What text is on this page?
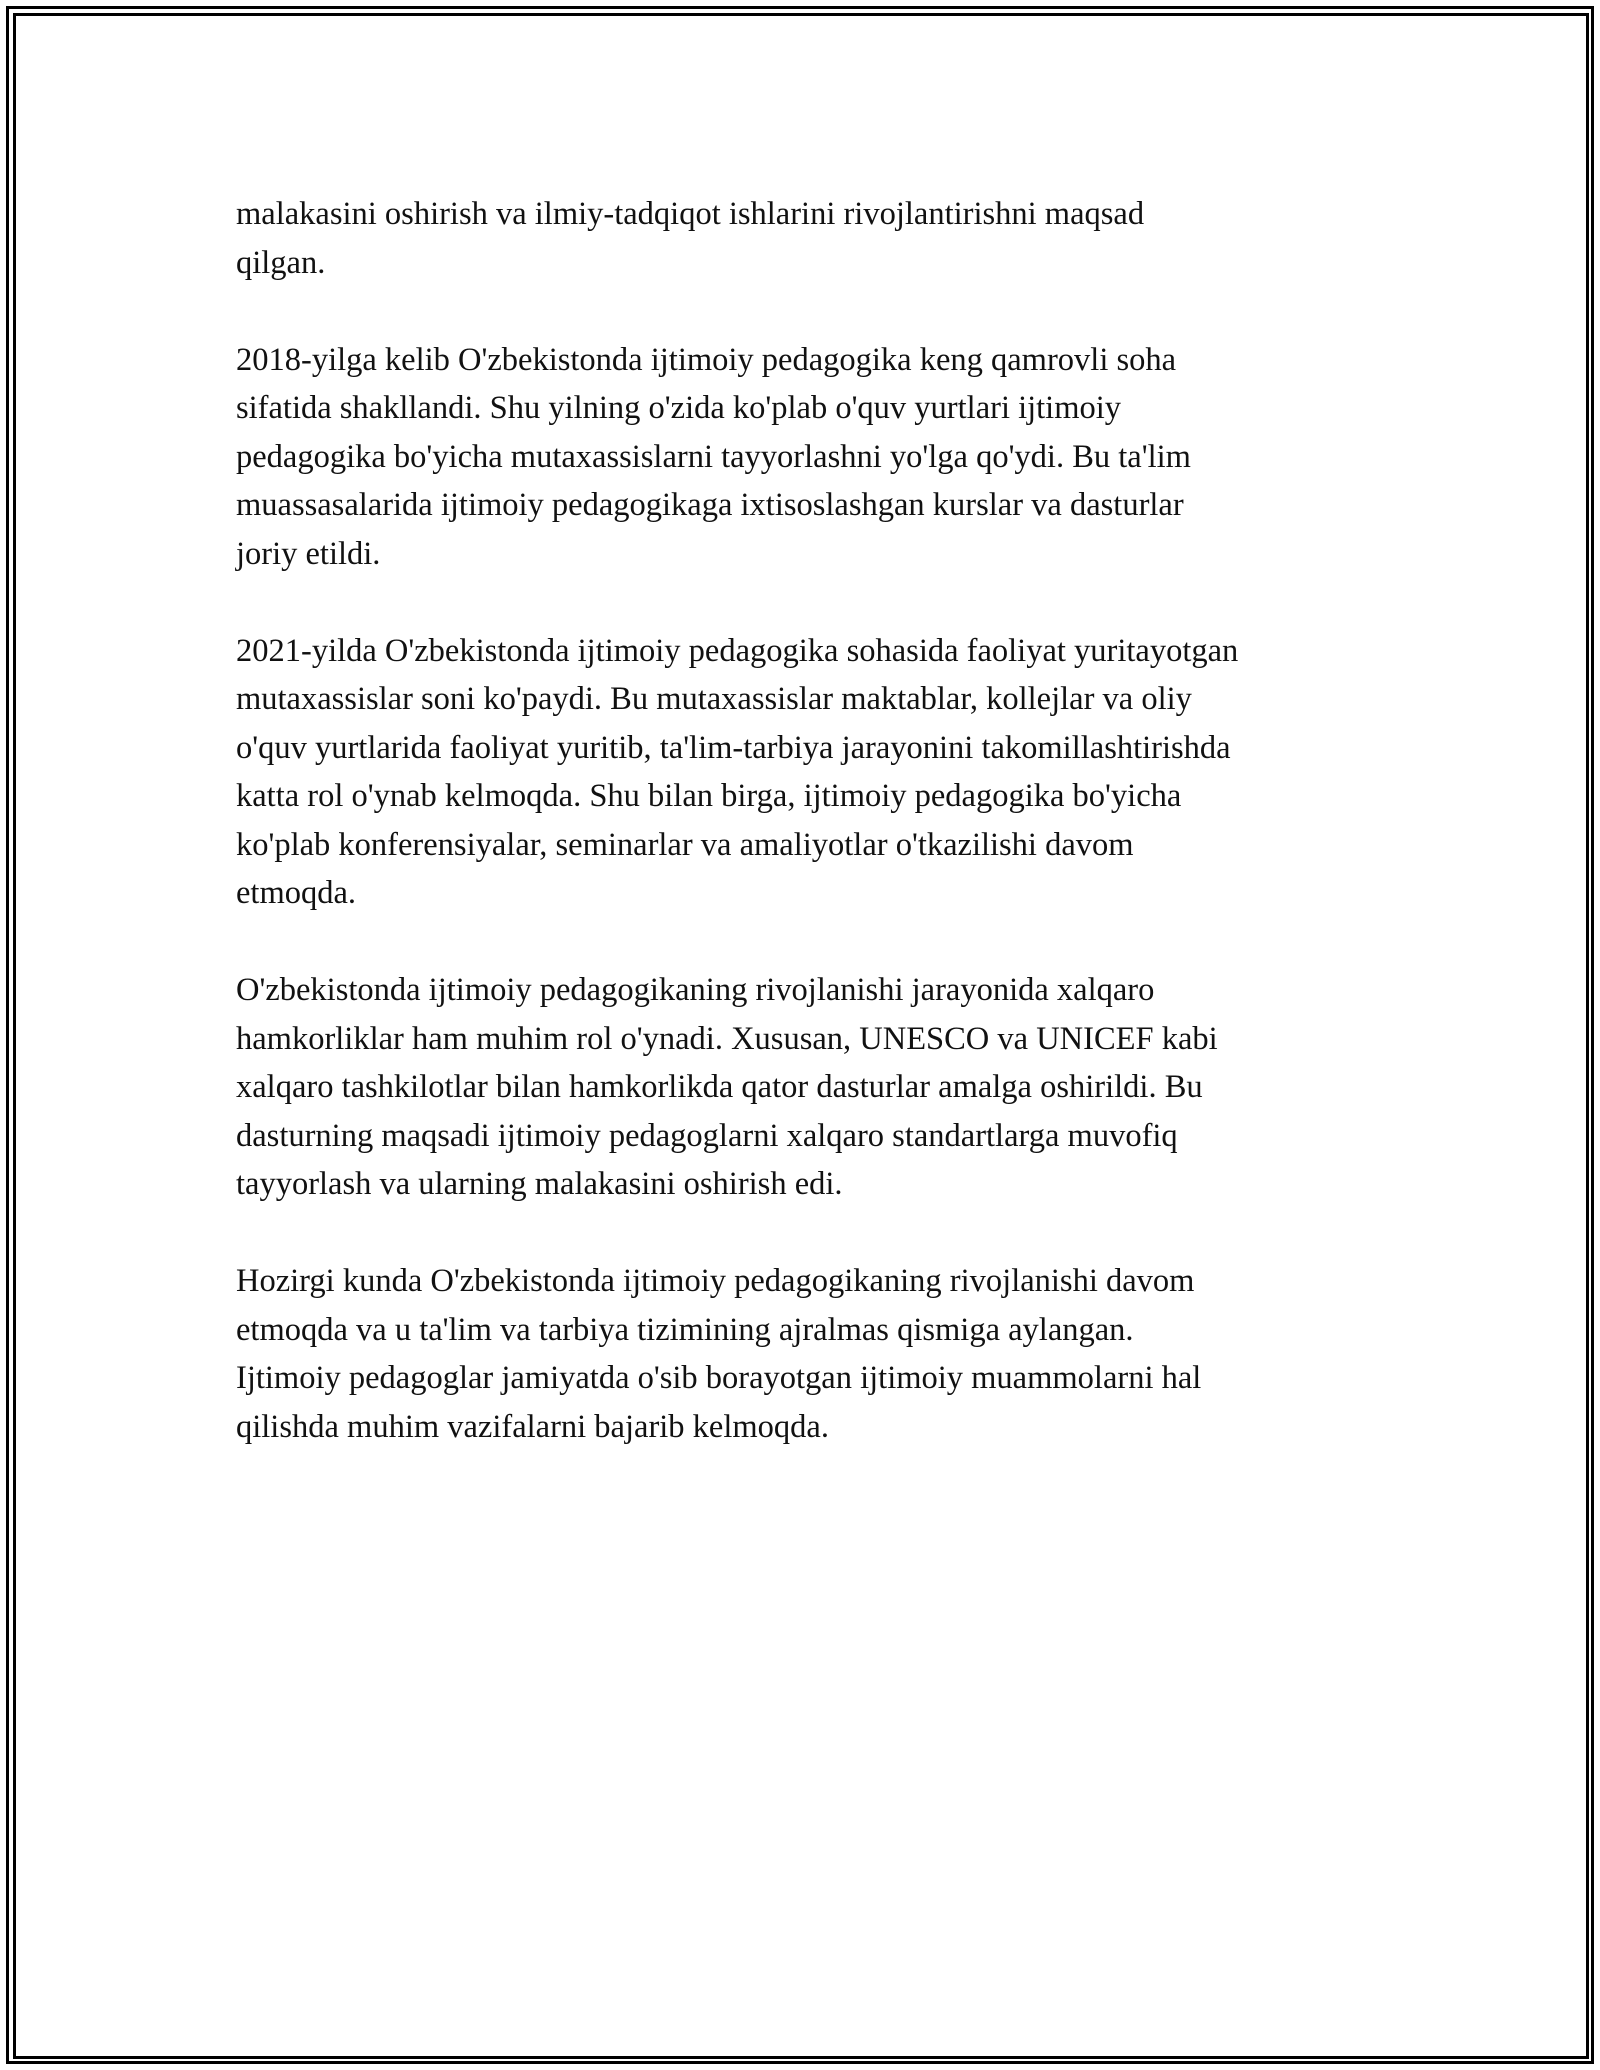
malakasini oshirish va ilmiy-tadqiqot ishlarini rivojlantirishni maqsad
qilgan.

2018-yilga kelib O'zbekistonda ijtimoiy pedagogika keng qamrovli soha
sifatida shakllandi. Shu yilning o'zida ko'plab o'quv yurtlari ijtimoiy
pedagogika bo'yicha mutaxassislarni tayyorlashni yo'lga qo'ydi. Bu ta'lim
muassasalarida ijtimoiy pedagogikaga ixtisoslashgan kurslar va dasturlar
joriy etildi.

2021-yilda O'zbekistonda ijtimoiy pedagogika sohasida faoliyat yuritayotgan
mutaxassislar soni ko'paydi. Bu mutaxassislar maktablar, kollejlar va oliy
o'quv yurtlarida faoliyat yuritib, ta'lim-tarbiya jarayonini takomillashtirishda
katta rol o'ynab kelmoqda. Shu bilan birga, ijtimoiy pedagogika bo'yicha
ko'plab konferensiyalar, seminarlar va amaliyotlar o'tkazilishi davom
etmoqda.

O'zbekistonda ijtimoiy pedagogikaning rivojlanishi jarayonida xalqaro
hamkorliklar ham muhim rol o'ynadi. Xususan, UNESCO va UNICEF kabi
xalqaro tashkilotlar bilan hamkorlikda qator dasturlar amalga oshirildi. Bu
dasturning maqsadi ijtimoiy pedagoglarni xalqaro standartlarga muvofiq
tayyorlash va ularning malakasini oshirish edi.

Hozirgi kunda O'zbekistonda ijtimoiy pedagogikaning rivojlanishi davom
etmoqda va u ta'lim va tarbiya tizimining ajralmas qismiga aylangan.
Ijtimoiy pedagoglar jamiyatda o'sib borayotgan ijtimoiy muammolarni hal
qilishda muhim vazifalarni bajarib kelmoqda.
